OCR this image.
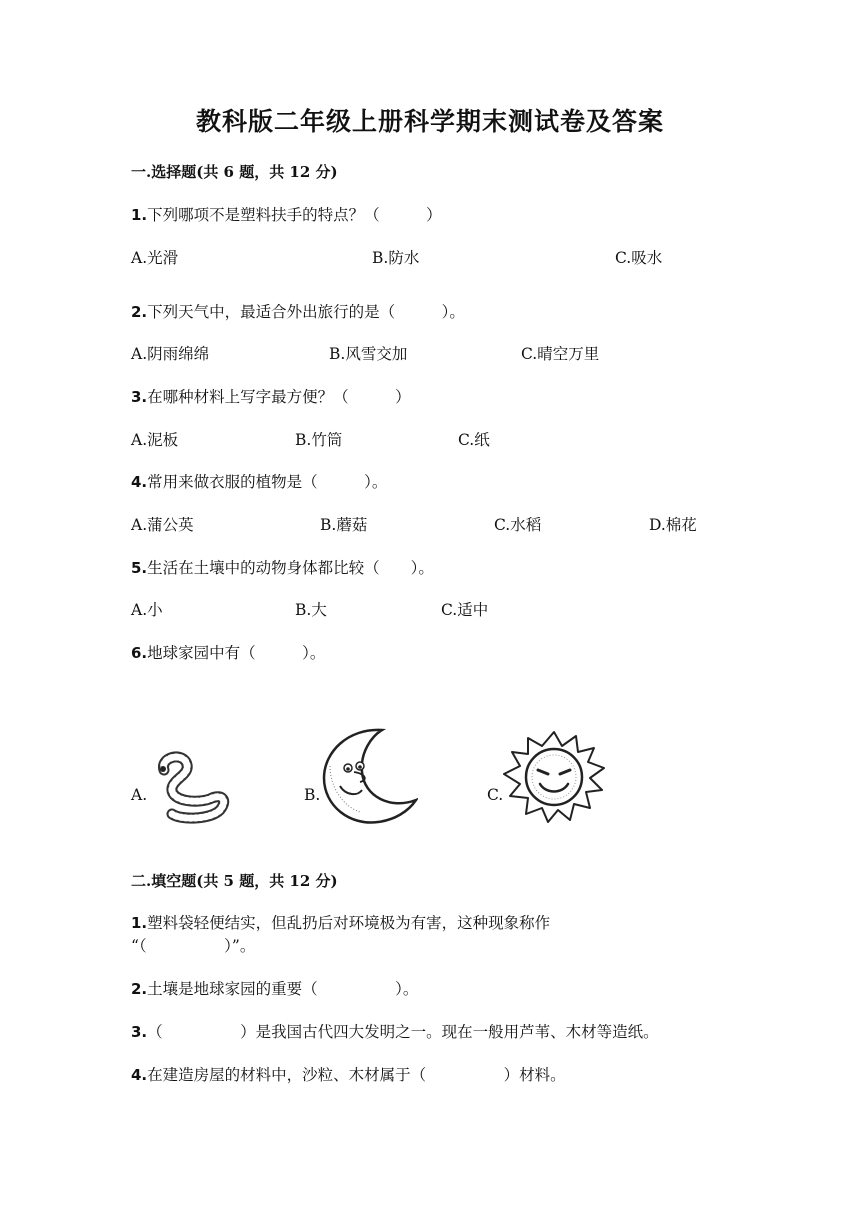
教科版二年级上册科学期末测试卷及答案
一.选择题(共 6 题，共 12 分)
1.下列哪项不是塑料扶手的特点？（　　　）
A.光滑	B.防水	C.吸水
2.下列天气中，最适合外出旅行的是（　　　）。
A.阴雨绵绵	B.风雪交加	C.晴空万里
3.在哪种材料上写字最方便？（　　　）
A.泥板	B.竹筒	C.纸
4.常用来做衣服的植物是（　　　）。
A.蒲公英	B.蘑菇	C.水稻	D.棉花
5.生活在土壤中的动物身体都比较（　　）。
A.小	B.大	C.适中
6.地球家园中有（　　　）。
A.	B.	C.
二.填空题(共 5 题，共 12 分)
1.塑料袋轻便结实，但乱扔后对环境极为有害，这种现象称作
“（　　　　　）”。
2.土壤是地球家园的重要（　　　　　）。
3.（　　　　　）是我国古代四大发明之一。现在一般用芦苇、木材等造纸。
4.在建造房屋的材料中，沙粒、木材属于（　　　　　）材料。
